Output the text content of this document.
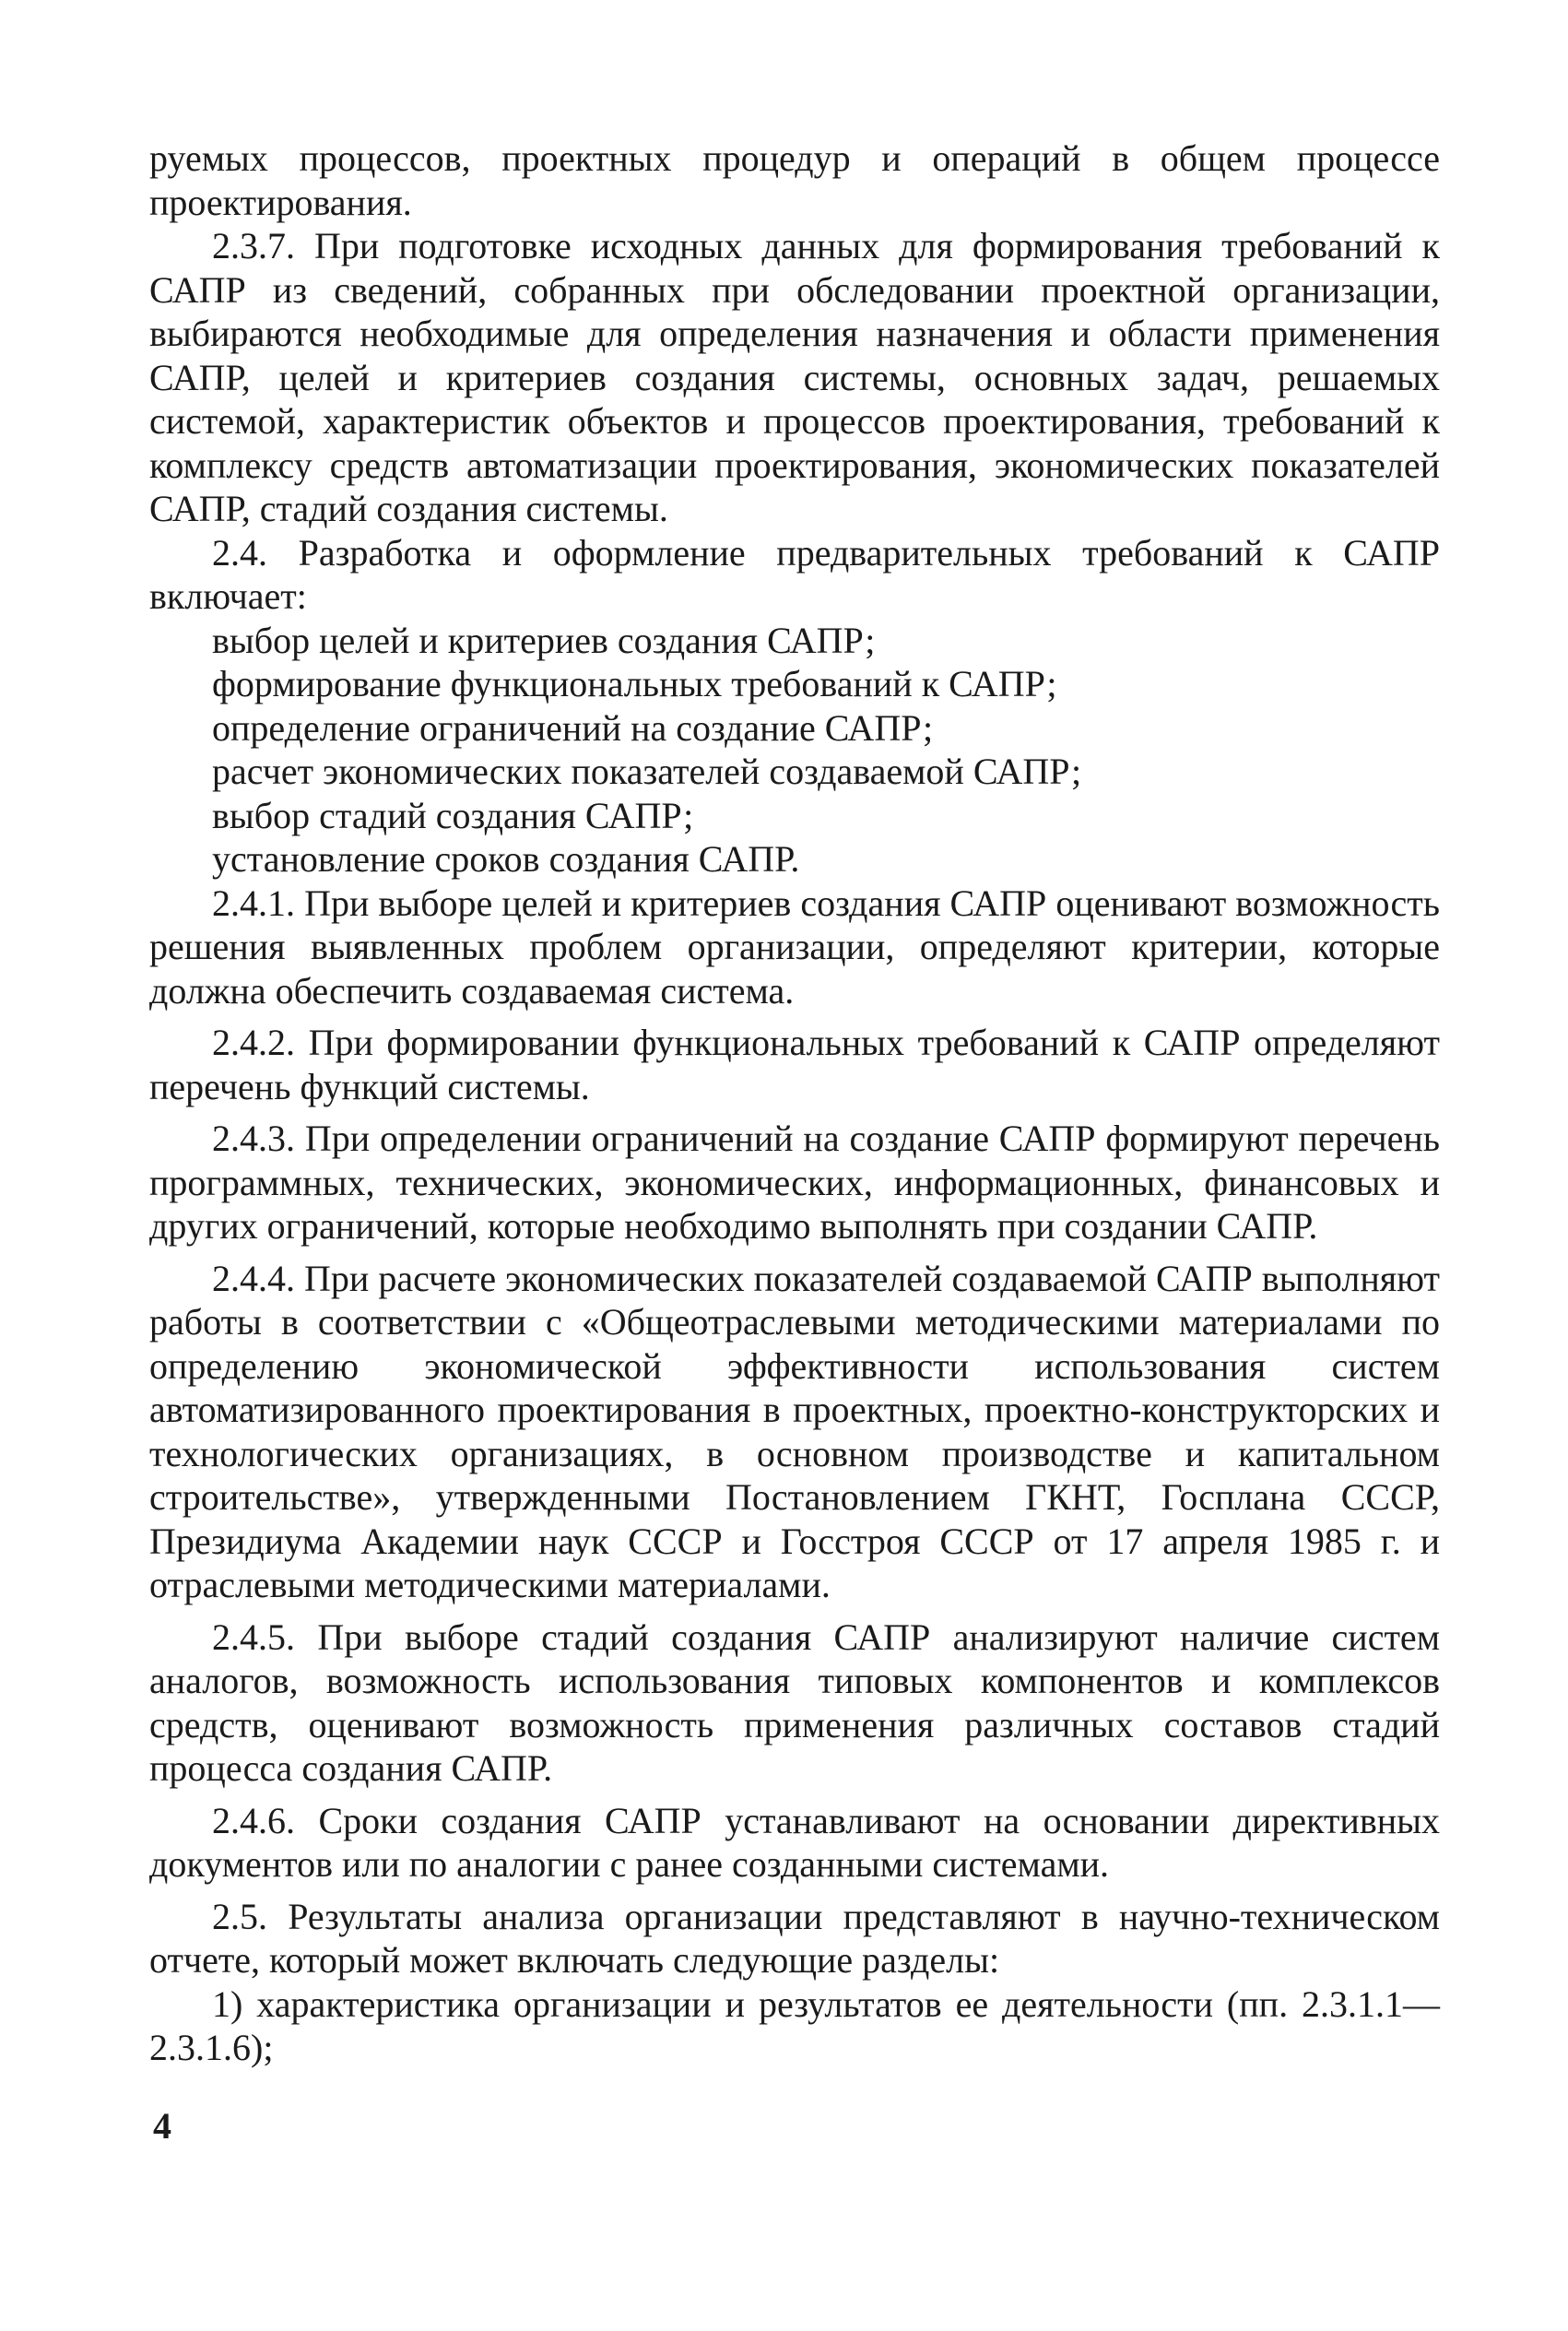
руемых процессов, проектных процедур и операций в общем процессе проектирования.

2.3.7. При подготовке исходных данных для формирования требований к САПР из сведений, собранных при обследовании проектной организации, выбираются необходимые для определения назначения и области применения САПР, целей и критериев создания системы, основных задач, решаемых системой, характеристик объектов и процессов проектирования, требований к комплексу средств автоматизации проектирования, экономических показателей САПР, стадий создания системы.

2.4. Разработка и оформление предварительных требований к САПР включает:

выбор целей и критериев создания САПР;
формирование функциональных требований к САПР;
определение ограничений на создание САПР;
расчет экономических показателей создаваемой САПР;
выбор стадий создания САПР;
установление сроков создания САПР.

2.4.1. При выборе целей и критериев создания САПР оценивают возможность решения выявленных проблем организации, определяют критерии, которые должна обеспечить создаваемая система.

2.4.2. При формировании функциональных требований к САПР определяют перечень функций системы.

2.4.3. При определении ограничений на создание САПР формируют перечень программных, технических, экономических, информационных, финансовых и других ограничений, которые необходимо выполнять при создании САПР.

2.4.4. При расчете экономических показателей создаваемой САПР выполняют работы в соответствии с «Общеотраслевыми методическими материалами по определению экономической эффективности использования систем автоматизированного проектирования в проектных, проектно-конструкторских и технологических организациях, в основном производстве и капитальном строительстве», утвержденными Постановлением ГКНТ, Госплана СССР, Президиума Академии наук СССР и Госстроя СССР от 17 апреля 1985 г. и отраслевыми методическими материалами.

2.4.5. При выборе стадий создания САПР анализируют наличие систем аналогов, возможность использования типовых компонентов и комплексов средств, оценивают возможность применения различных составов стадий процесса создания САПР.

2.4.6. Сроки создания САПР устанавливают на основании директивных документов или по аналогии с ранее созданными системами.

2.5. Результаты анализа организации представляют в научно-техническом отчете, который может включать следующие разделы:

1) характеристика организации и результатов ее деятельности (пп. 2.3.1.1—2.3.1.6);

4
